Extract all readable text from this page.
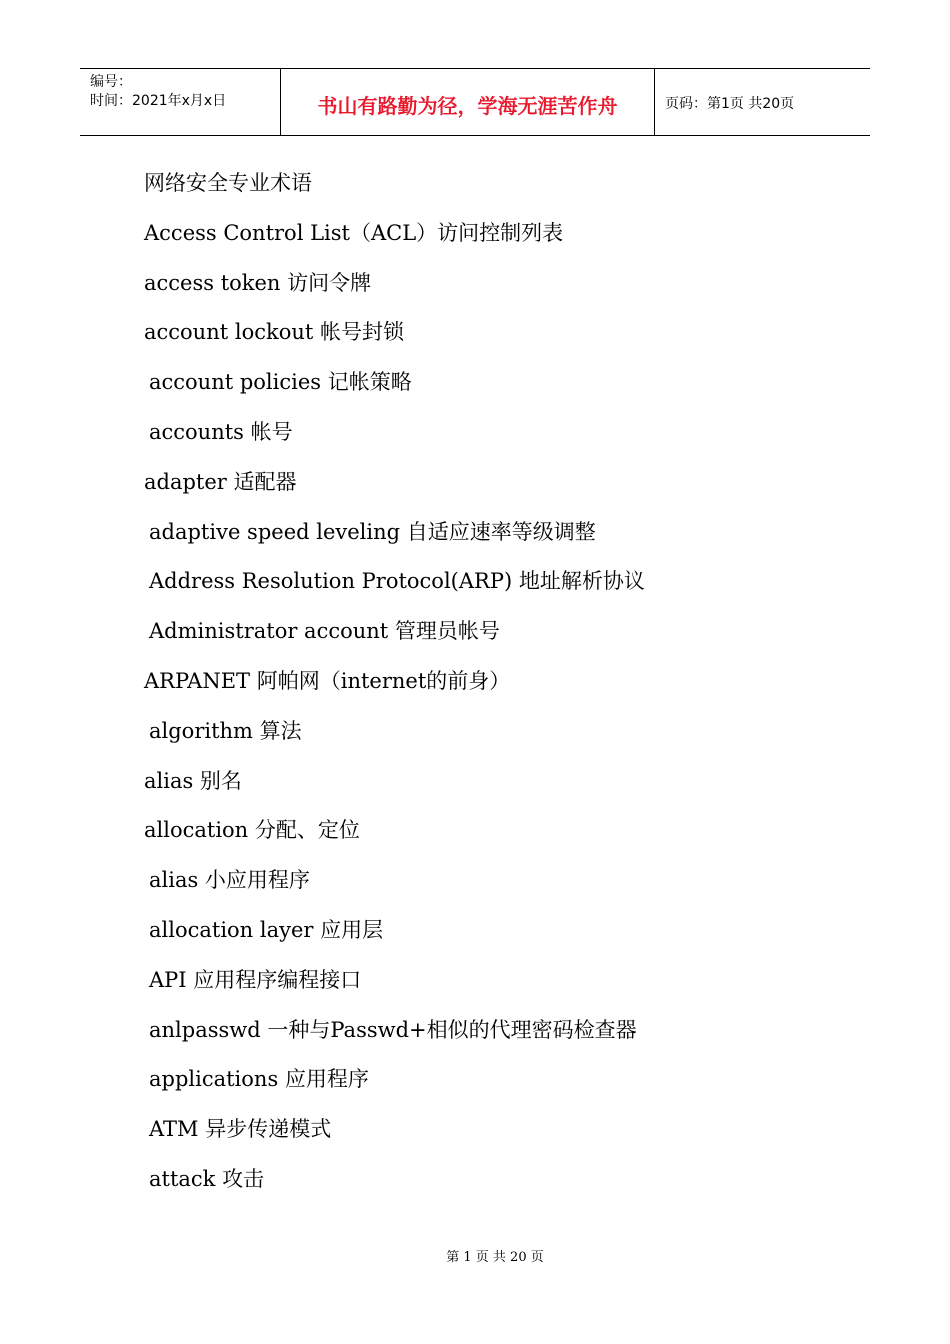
编号：
时间：2021年x月x日	书山有路勤为径，学海无涯苦作舟	页码：第1页 共20页
网络安全专业术语
Access Control List（ACL）访问控制列表
access token 访问令牌
account lockout 帐号封锁
account policies 记帐策略
accounts 帐号
adapter 适配器
adaptive speed leveling 自适应速率等级调整
Address Resolution Protocol(ARP) 地址解析协议
Administrator account 管理员帐号
ARPANET 阿帕网（internet的前身）
algorithm 算法
alias 别名
allocation 分配、定位
alias 小应用程序
allocation layer 应用层
API 应用程序编程接口
anlpasswd 一种与Passwd+相似的代理密码检查器
applications 应用程序
ATM 异步传递模式
attack 攻击
第 1 页 共 20 页
